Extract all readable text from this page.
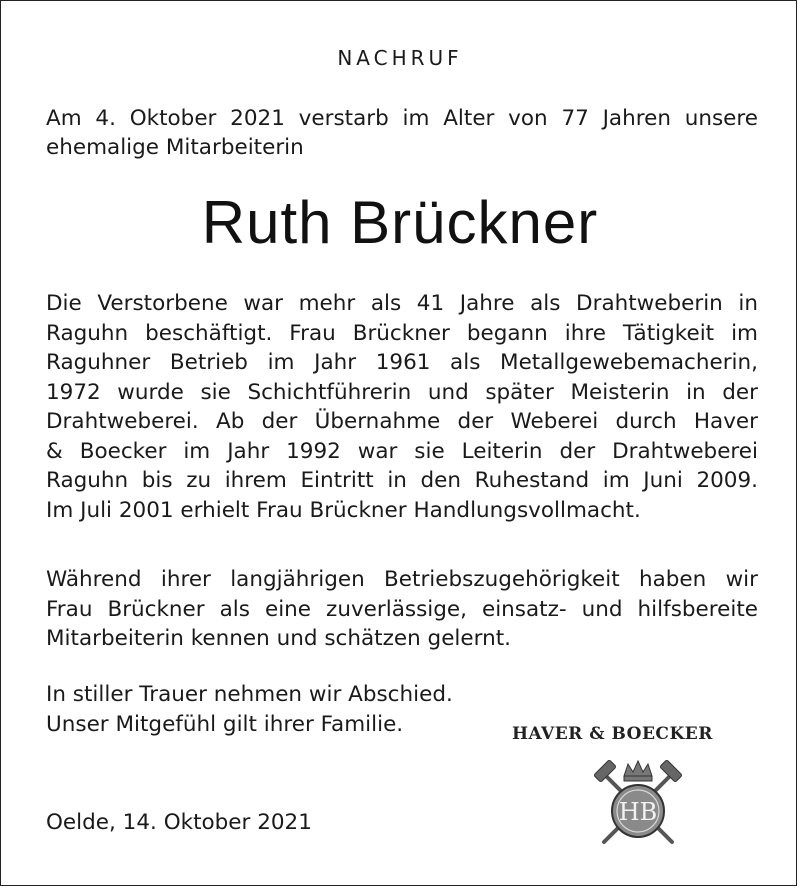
NACHRUF
Am 4. Oktober 2021 verstarb im Alter von 77 Jahren unsere ehemalige Mitarbeiterin
Ruth Brückner
Die Verstorbene war mehr als 41 Jahre als Drahtweberin in
Raguhn beschäftigt. Frau Brückner begann ihre Tätigkeit im
Raguhner Betrieb im Jahr 1961 als Metallgewebemacherin,
1972 wurde sie Schichtführerin und später Meisterin in der
Drahtweberei. Ab der Übernahme der Weberei durch Haver
& Boecker im Jahr 1992 war sie Leiterin der Drahtweberei
Raguhn bis zu ihrem Eintritt in den Ruhestand im Juni 2009.
Im Juli 2001 erhielt Frau Brückner Handlungsvollmacht.
Während ihrer langjährigen Betriebszugehörigkeit haben wir
Frau Brückner als eine zuverlässige, einsatz- und hilfsbereite
Mitarbeiterin kennen und schätzen gelernt.
In stiller Trauer nehmen wir Abschied.
Unser Mitgefühl gilt ihrer Familie.
Oelde, 14. Oktober 2021
HAVER & BOECKER
HB
